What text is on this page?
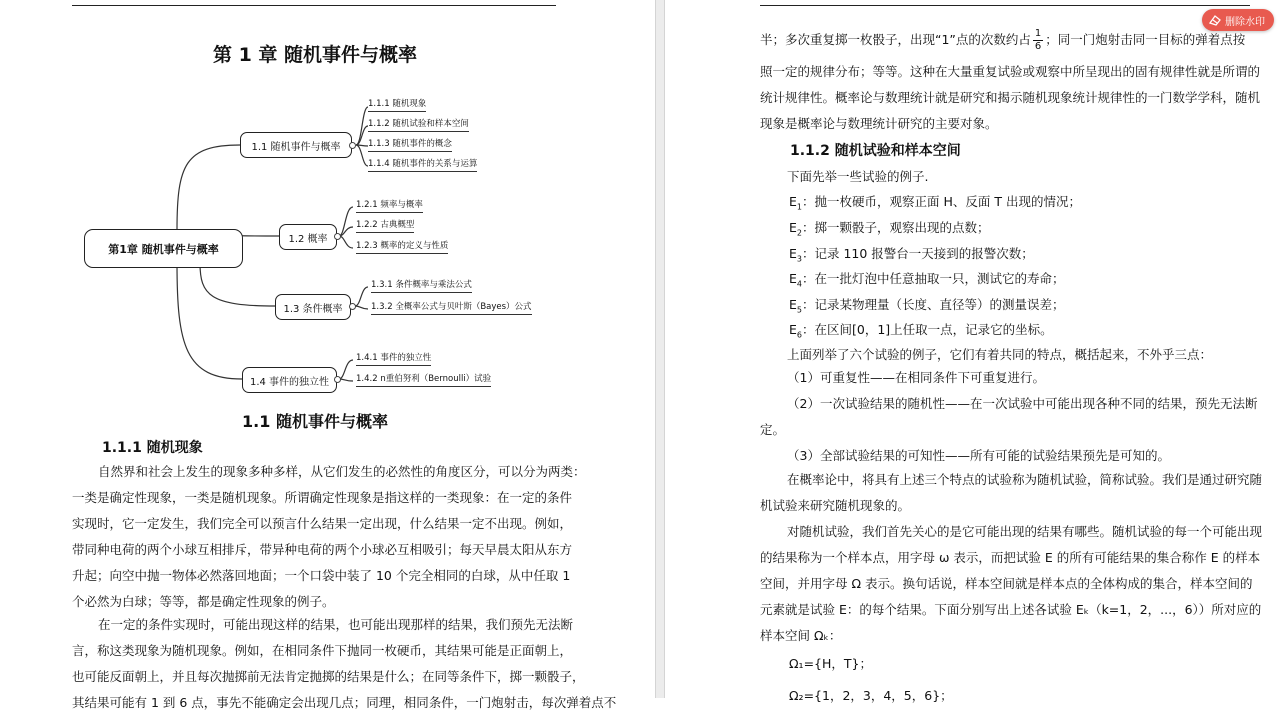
第 1 章 随机事件与概率
第1章 随机事件与概率
1.1 随机事件与概率
1.1.1 随机现象
1.1.2 随机试验和样本空间
1.1.3 随机事件的概念
1.1.4 随机事件的关系与运算
1.2 概率
1.2.1 频率与概率
1.2.2 古典概型
1.2.3 概率的定义与性质
1.3 条件概率
1.3.1 条件概率与乘法公式
1.3.2 全概率公式与贝叶斯（Bayes）公式
1.4 事件的独立性
1.4.1 事件的独立性
1.4.2 n重伯努利（Bernoulli）试验
1.1 随机事件与概率
1.1.1 随机现象
自然界和社会上发生的现象多种多样，从它们发生的必然性的角度区分，可以分为两类：
一类是确定性现象，一类是随机现象。所谓确定性现象是指这样的一类现象：在一定的条件
实现时，它一定发生，我们完全可以预言什么结果一定出现，什么结果一定不出现。例如，
带同种电荷的两个小球互相排斥，带异种电荷的两个小球必互相吸引；每天早晨太阳从东方
升起；向空中抛一物体必然落回地面；一个口袋中装了 10 个完全相同的白球，从中任取 1
个必然为白球；等等，都是确定性现象的例子。
在一定的条件实现时，可能出现这样的结果，也可能出现那样的结果，我们预先无法断
言，称这类现象为随机现象。例如，在相同条件下抛同一枚硬币，其结果可能是正面朝上，
也可能反面朝上，并且每次抛掷前无法肯定抛掷的结果是什么；在同等条件下，掷一颗骰子，
其结果可能有 1 到 6 点，事先不能确定会出现几点；同理，相同条件，一门炮射击，每次弹着点不
半；多次重复掷一枚骰子，出现“1”点的次数约占 $\frac{1}{6}$ ；同一门炮射击同一目标的弹着点按
照一定的规律分布；等等。这种在大量重复试验或观察中所呈现出的固有规律性就是所谓的
统计规律性。概率论与数理统计就是研究和揭示随机现象统计规律性的一门数学学科，随机
现象是概率论与数理统计研究的主要对象。
1.1.2 随机试验和样本空间
下面先举一些试验的例子.
$E_1$：抛一枚硬币，观察正面 H、反面 T 出现的情况；
$E_2$：掷一颗骰子，观察出现的点数；
$E_3$：记录 110 报警台一天接到的报警次数；
$E_4$：在一批灯泡中任意抽取一只，测试它的寿命；
$E_5$：记录某物理量（长度、直径等）的测量误差；
$E_6$：在区间[0，1]上任取一点，记录它的坐标。
上面列举了六个试验的例子，它们有着共同的特点，概括起来，不外乎三点：
（1）可重复性——在相同条件下可重复进行。
（2）一次试验结果的随机性——在一次试验中可能出现各种不同的结果，预先无法断
定。
（3）全部试验结果的可知性——所有可能的试验结果预先是可知的。
在概率论中，将具有上述三个特点的试验称为随机试验，简称试验。我们是通过研究随
机试验来研究随机现象的。
对随机试验，我们首先关心的是它可能出现的结果有哪些。随机试验的每一个可能出现
的结果称为一个样本点，用字母 ω 表示，而把试验 E 的所有可能结果的集合称作 E 的样本
空间，并用字母 Ω 表示。换句话说，样本空间就是样本点的全体构成的集合，样本空间的
元素就是试验 E：的每个结果。下面分别写出上述各试验 Eₖ（k=1，2，...，6））所对应的
样本空间 Ωₖ：
Ω₁={H，T}；
Ω₂={1，2，3，4，5，6}；
删除水印
